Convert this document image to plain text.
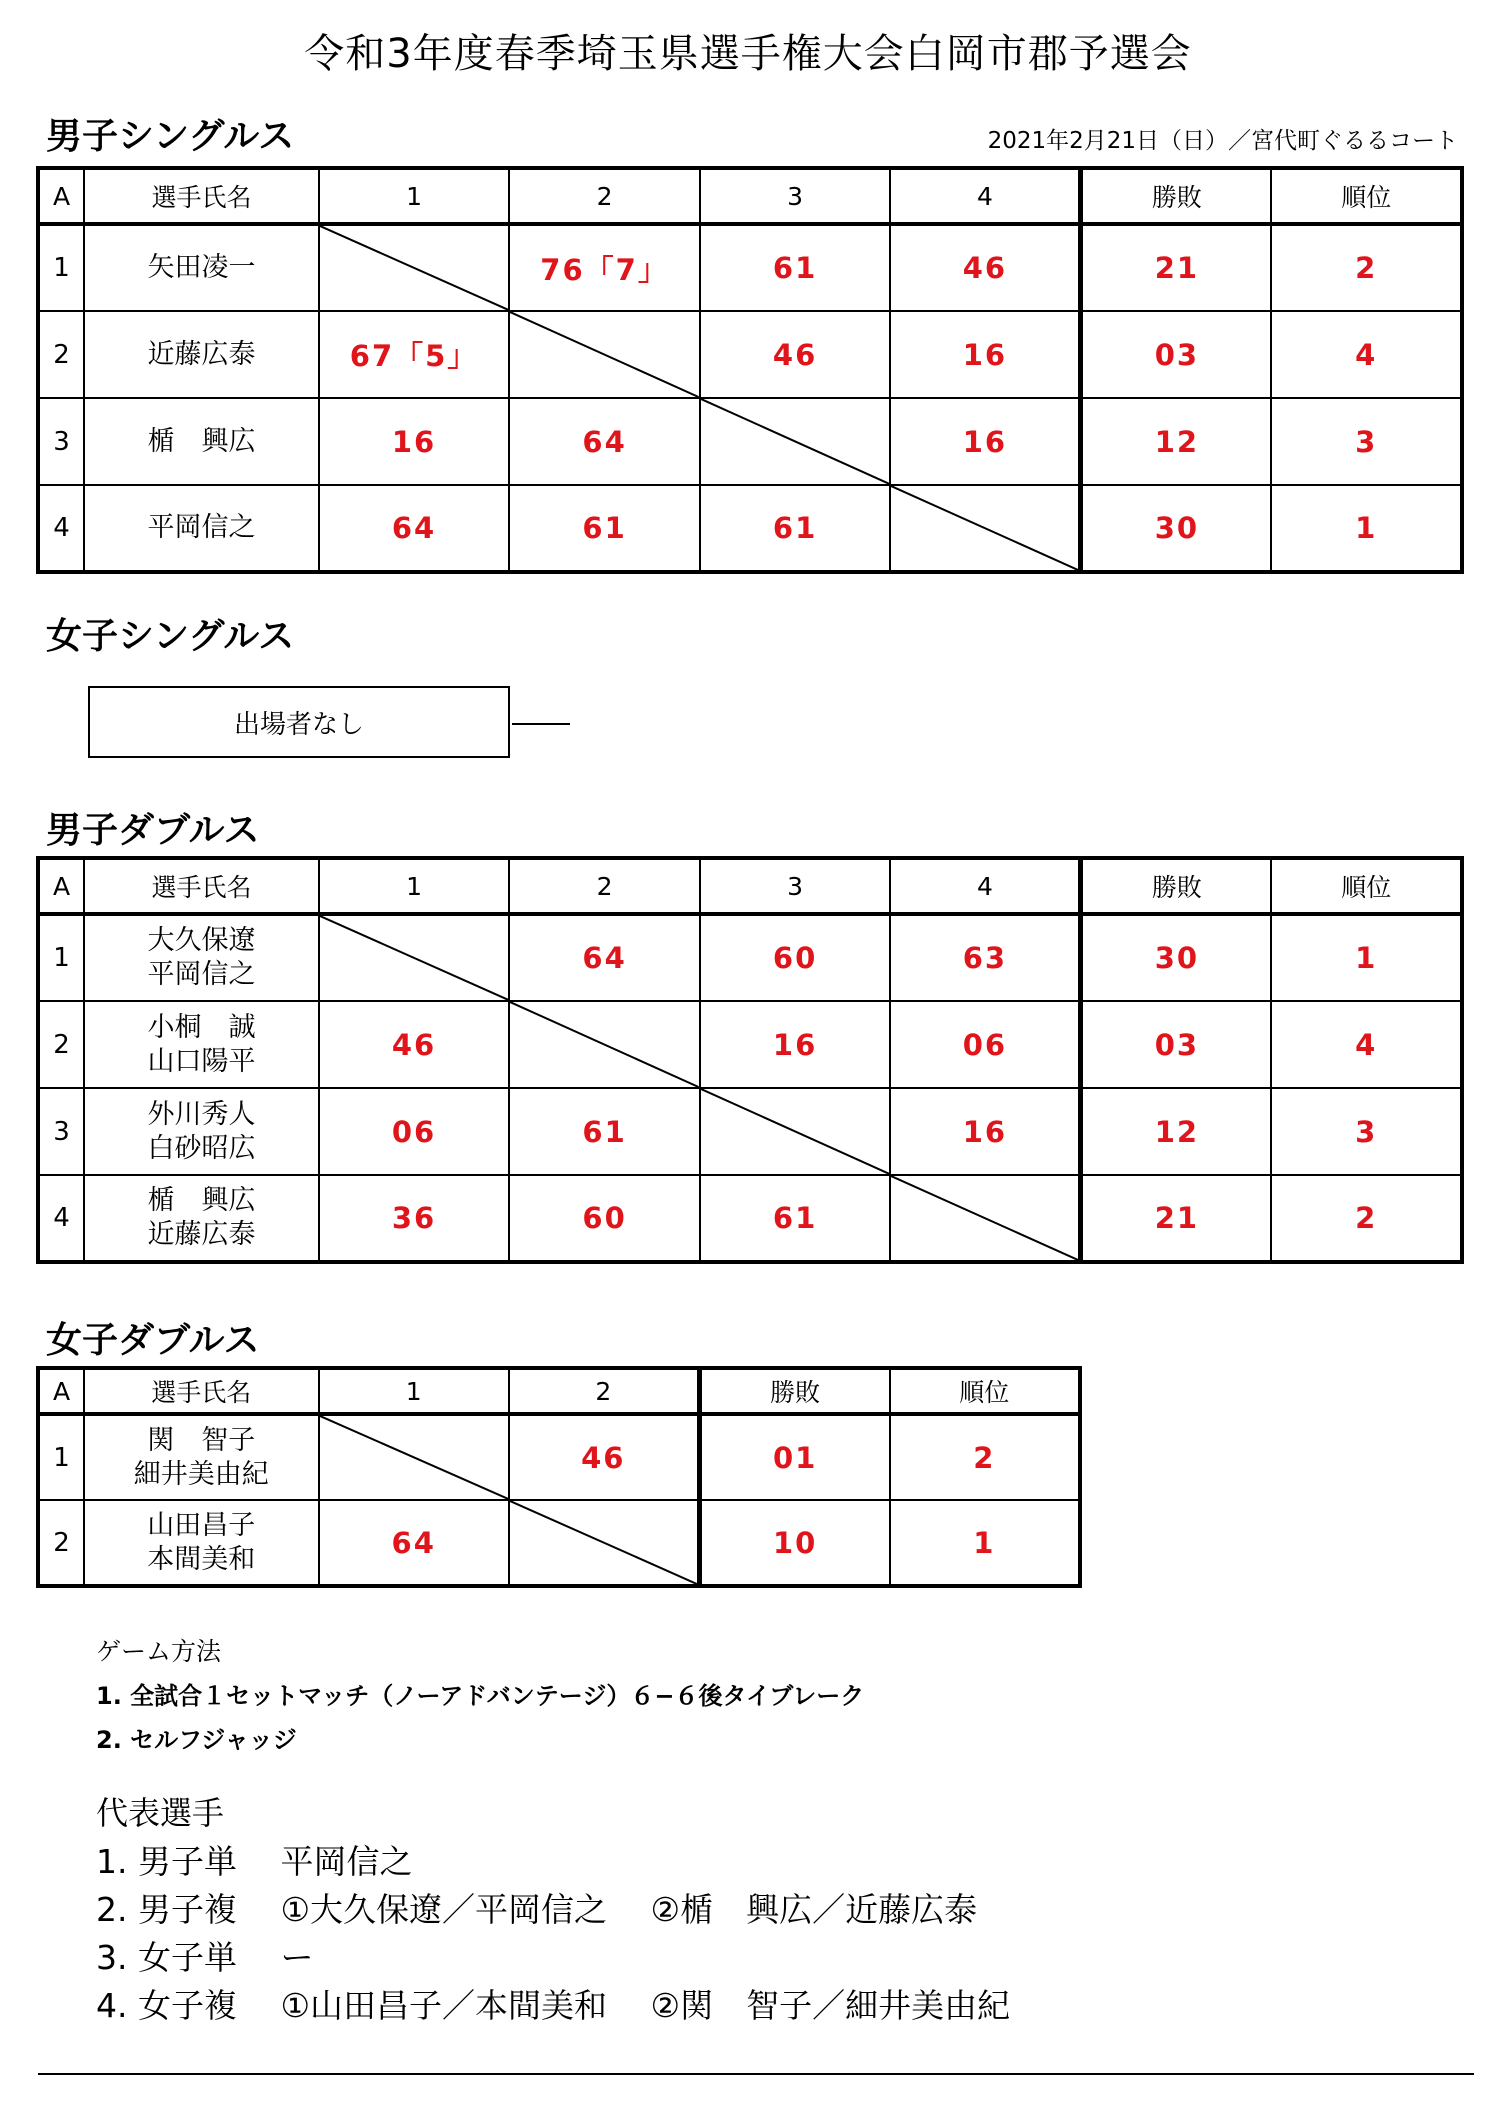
令和3年度春季埼玉県選手権大会白岡市郡予選会
男子シングルス	2021年2月21日（日）／宮代町ぐるるコート
A	選手氏名	1	2	3	4	勝敗	順位
1	矢田凌一		76「7」	61	46	21	2
2	近藤広泰	67「5」		46	16	03	4
3	楯　興広	16	64		16	12	3
4	平岡信之	64	61	61		30	1
女子シングルス
出場者なし
男子ダブルス
A	選手氏名	1	2	3	4	勝敗	順位
1	大久保遼
平岡信之		64	60	63	30	1
2	小桐　誠
山口陽平	46		16	06	03	4
3	外川秀人
白砂昭広	06	61		16	12	3
4	楯　興広
近藤広泰	36	60	61		21	2
女子ダブルス
A	選手氏名	1	2	勝敗	順位
1	関　智子
細井美由紀		46	01	2
2	山田昌子
本間美和	64		10	1
ゲーム方法
1. 全試合１セットマッチ（ノーアドバンテージ）６−６後タイブレーク
2. セルフジャッジ
代表選手
1. 男子単　 平岡信之
2. 男子複　 ①大久保遼／平岡信之　 ②楯　興広／近藤広泰
3. 女子単　 ー
4. 女子複　 ①山田昌子／本間美和　 ②関　智子／細井美由紀
